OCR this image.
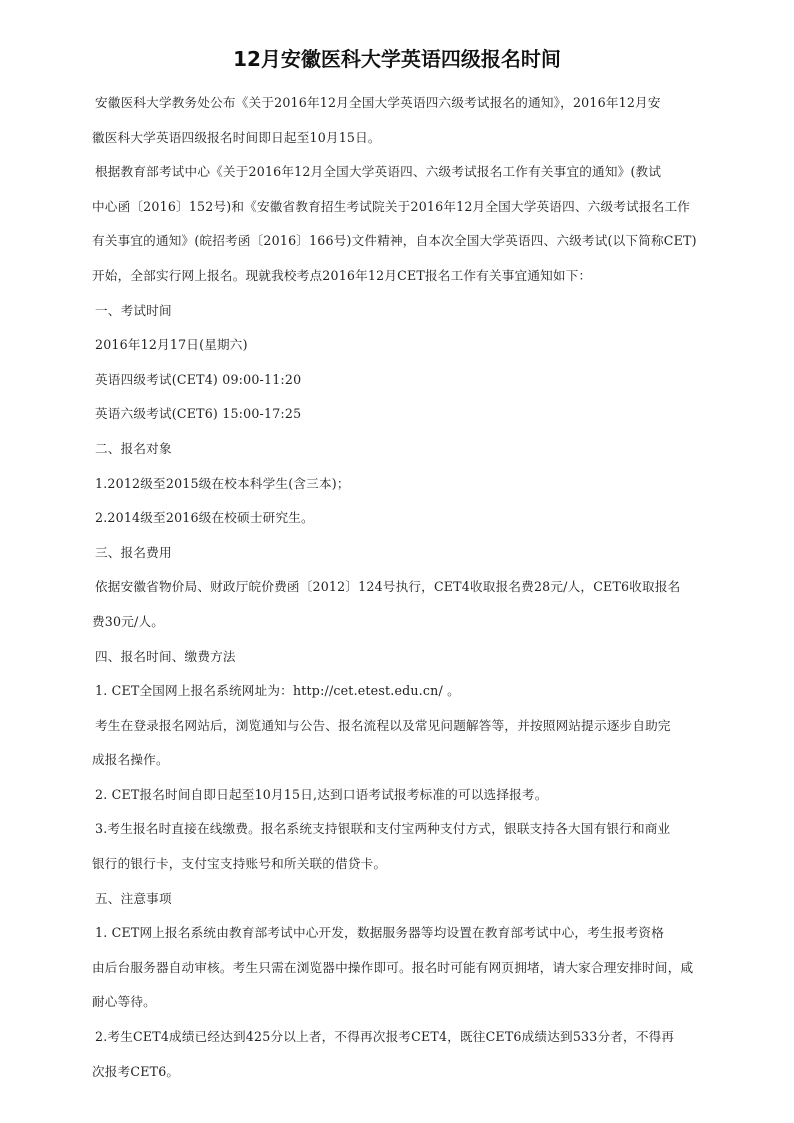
12月安徽医科大学英语四级报名时间
安徽医科大学教务处公布《关于2016年12月全国大学英语四六级考试报名的通知》，2016年12月安
徽医科大学英语四级报名时间即日起至10月15日。
根据教育部考试中心《关于2016年12月全国大学英语四、六级考试报名工作有关事宜的通知》(教试
中心函〔2016〕152号)和《安徽省教育招生考试院关于2016年12月全国大学英语四、六级考试报名工作
有关事宜的通知》(皖招考函〔2016〕166号)文件精神，自本次全国大学英语四、六级考试(以下简称CET)
开始，全部实行网上报名。现就我校考点2016年12月CET报名工作有关事宜通知如下：
一、考试时间
2016年12月17日(星期六)
英语四级考试(CET4) 09:00-11:20
英语六级考试(CET6) 15:00-17:25
二、报名对象
1.2012级至2015级在校本科学生(含三本)；
2.2014级至2016级在校硕士研究生。
三、报名费用
依据安徽省物价局、财政厅皖价费函〔2012〕124号执行，CET4收取报名费28元/人，CET6收取报名
费30元/人。
四、报名时间、缴费方法
1. CET全国网上报名系统网址为：http://cet.etest.edu.cn/ 。
考生在登录报名网站后，浏览通知与公告、报名流程以及常见问题解答等，并按照网站提示逐步自助完
成报名操作。
2. CET报名时间自即日起至10月15日,达到口语考试报考标准的可以选择报考。
3.考生报名时直接在线缴费。报名系统支持银联和支付宝两种支付方式，银联支持各大国有银行和商业
银行的银行卡，支付宝支持账号和所关联的借贷卡。
五、注意事项
1. CET网上报名系统由教育部考试中心开发，数据服务器等均设置在教育部考试中心，考生报考资格
由后台服务器自动审核。考生只需在浏览器中操作即可。报名时可能有网页拥堵，请大家合理安排时间，咸
耐心等待。
2.考生CET4成绩已经达到425分以上者，不得再次报考CET4，既往CET6成绩达到533分者，不得再
次报考CET6。
